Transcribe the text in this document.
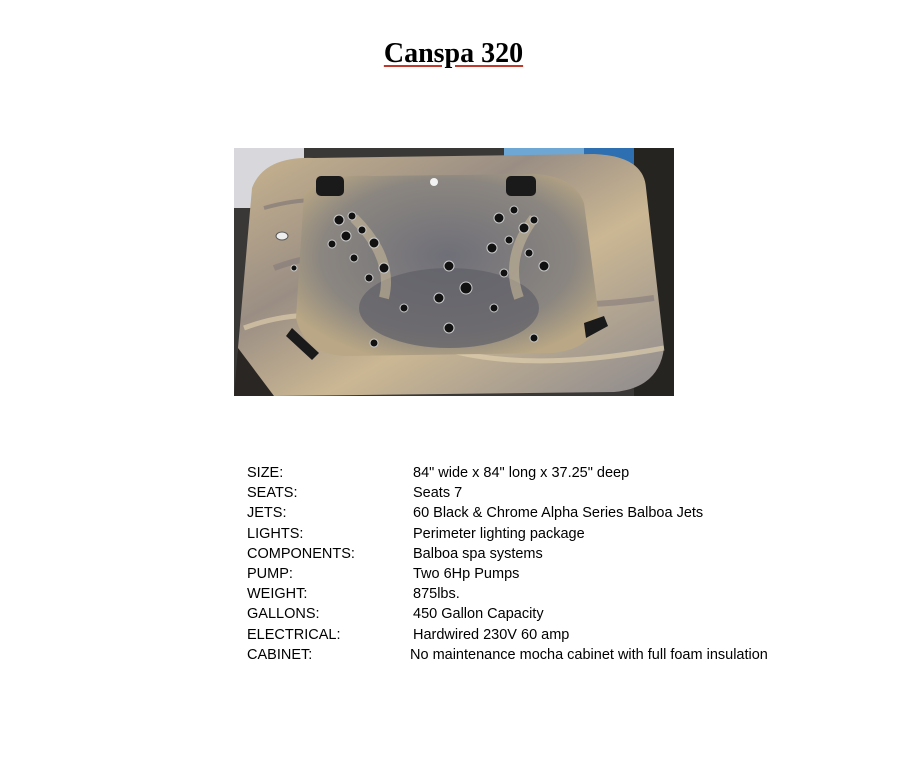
Canspa 320
SIZE:	84" wide x 84" long x 37.25" deep
SEATS:	Seats 7
JETS:	60 Black & Chrome Alpha Series Balboa Jets
LIGHTS:	Perimeter lighting package
COMPONENTS:	Balboa spa systems
PUMP:	Two 6Hp Pumps
WEIGHT:	875lbs.
GALLONS:	450 Gallon Capacity
ELECTRICAL:	Hardwired 230V 60 amp
CABINET:	No maintenance mocha cabinet with full foam insulation
